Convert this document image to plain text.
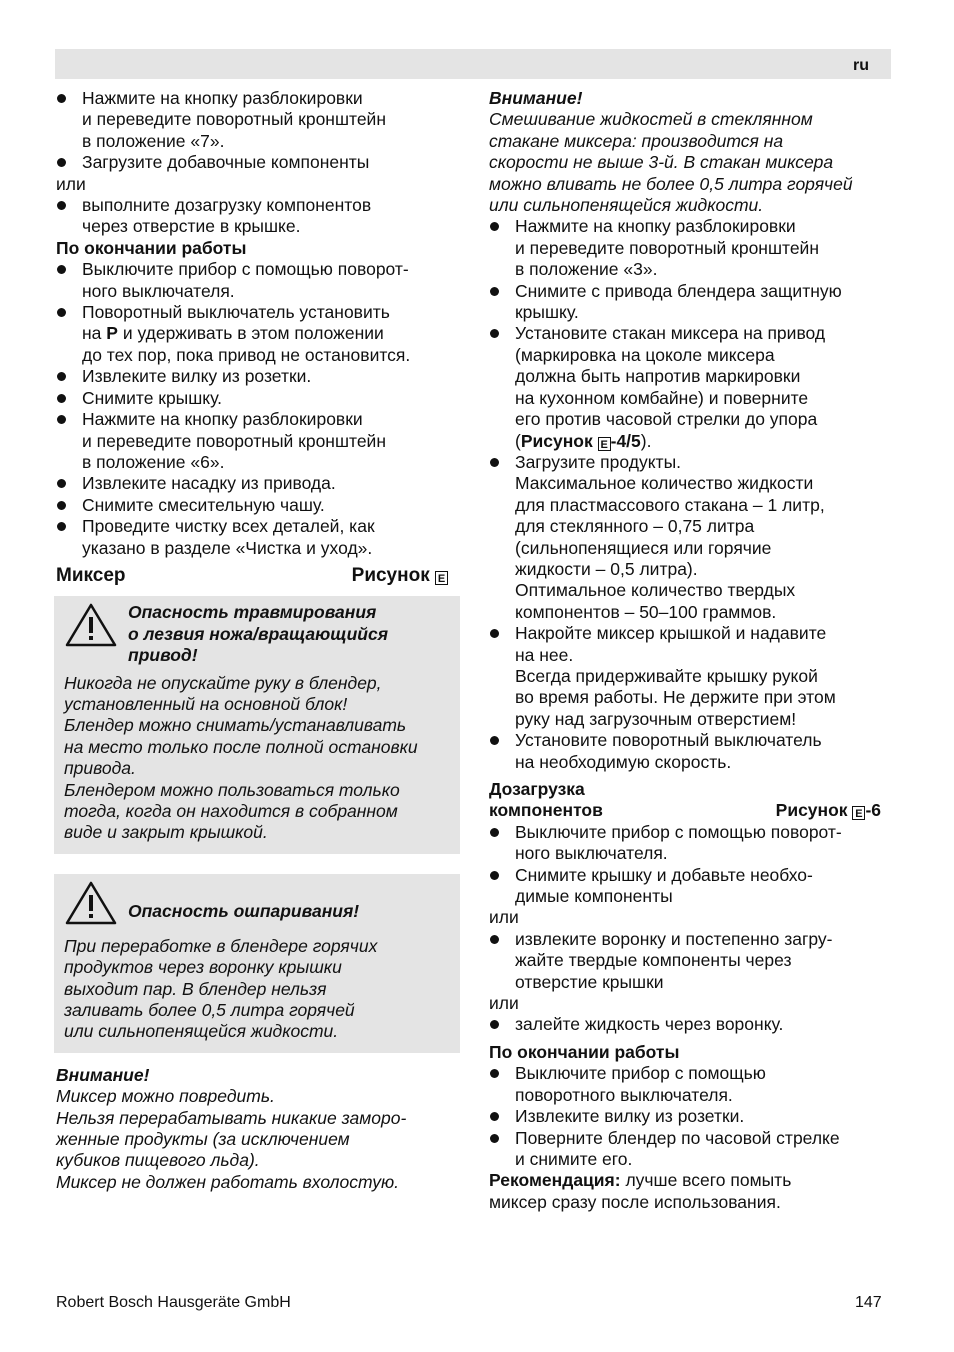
ru
Нажмите на кнопку разблокировки
и переведите поворотный кронштейн
в положение «7».
Загрузите добавочные компоненты
или
выполните дозагрузку компонентов
через отверстие в крышке.
По окончании работы
Выключите прибор с помощью поворот-
ного выключателя.
Поворотный выключатель установить
на P и удерживать в этом положении
до тех пор, пока привод не остановится.
Извлеките вилку из розетки.
Снимите крышку.
Нажмите на кнопку разблокировки
и переведите поворотный кронштейн
в положение «6».
Извлеките насадку из привода.
Снимите смесительную чашу.
Проведите чистку всех деталей, как
указано в разделе «Чистка и уход».
Миксер	Рисунок E
Опасность травмирования
о лезвия ножа/вращающийся
привод!
Никогда не опускайте руку в блендер,
установленный на основной блок!
Блендер можно снимать/устанавливать
на место только после полной остановки
привода.
Блендером можно пользоваться только
тогда, когда он находится в собранном
виде и закрыт крышкой.
Опасность ошпаривания!
При переработке в блендере горячих
продуктов через воронку крышки
выходит пар. В блендер нельзя
заливать более 0,5 литра горячей
или сильнопенящейся жидкости.
Внимание!
Миксер можно повредить.
Нельзя перерабатывать никакие заморо-
женные продукты (за исключением
кубиков пищевого льда).
Миксер не должен работать вхолостую.
Внимание!
Смешивание жидкостей в стеклянном
стакане миксера: производится на
скорости не выше 3-й. В стакан миксера
можно вливать не более 0,5 литра горячей
или сильнопенящейся жидкости.
Нажмите на кнопку разблокировки
и переведите поворотный кронштейн
в положение «3».
Снимите с привода блендера защитную
крышку.
Установите стакан миксера на привод
(маркировка на цоколе миксера
должна быть напротив маркировки
на кухонном комбайне) и поверните
его против часовой стрелки до упора
(Рисунок E -4/5).
Загрузите продукты.
Максимальное количество жидкости
для пластмассового стакана – 1 литр,
для стеклянного – 0,75 литра
(сильнопенящиеся или горячие
жидкости – 0,5 литра).
Оптимальное количество твердых
компонентов – 50–100 граммов.
Накройте миксер крышкой и надавите
на нее.
Всегда придерживайте крышку рукой
во время работы. Не держите при этом
руку над загрузочным отверстием!
Установите поворотный выключатель
на необходимую скорость.
Дозагрузка
компонентов	Рисунок E -6
Выключите прибор с помощью поворот-
ного выключателя.
Снимите крышку и добавьте необхо-
димые компоненты
или
извлеките воронку и постепенно загру-
жайте твердые компоненты через
отверстие крышки
или
залейте жидкость через воронку.
По окончании работы
Выключите прибор с помощью
поворотного выключателя.
Извлеките вилку из розетки.
Поверните блендер по часовой стрелке
и снимите его.
Рекомендация: лучше всего помыть
миксер сразу после использования.
Robert Bosch Hausgeräte GmbH	147
